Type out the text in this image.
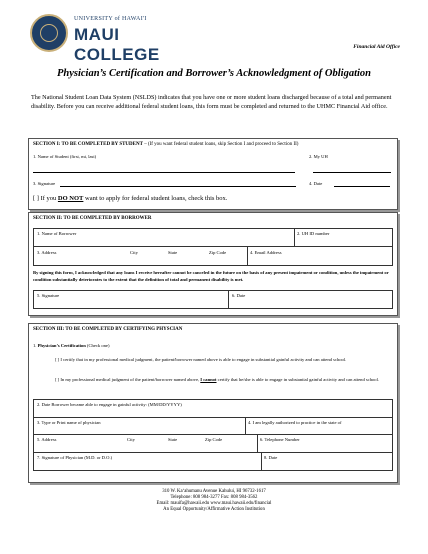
UNIVERSITY of HAWAI'I
MAUI COLLEGE	Financial Aid Office
Physician’s Certification and Borrower’s Acknowledgment of Obligation
The National Student Loan Data System (NSLDS) indicates that you have one or more student loans discharged because of a total and permanent disability. Before you can receive additional federal student loans, this form must be completed and returned to the UHMC Financial Aid office.
SECTION I: TO BE COMPLETED BY STUDENT – (If you want federal student loans, skip Section I and proceed to Section II)
1. Name of Student (first, mi, last)	2. My UH
3. Signature	4. Date
[ ] If you DO NOT want to apply for federal student loans, check this box.
SECTION II: TO BE COMPLETED BY BORROWER
1. Name of Borrower	2. UH ID number
3. Address	City	State	Zip Code	4. Email Address
By signing this form, I acknowledged that any loans I receive hereafter cannot be canceled in the future on the basis of any present impairment or condition, unless the impairment or condition substantially deteriorates to the extent that the definition of total and permanent disability is met.
5. Signature	6. Date
SECTION III: TO BE COMPLETED BY CERTIFYING PHYSCIAN
1. Physician’s Certification (Check one)
[ ] I certify that in my professional medical judgment, the patient/borrower named above is able to engage in substantial gainful activity and can attend school.
[ ] In my professional medical judgment of the patient/borrower named above, I cannot certify that he/she is able to engage in substantial gainful activity and can attend school.
2. Date Borrower became able to engage in gainful activity: (MM/DD/YYYY)
3. Type or Print name of physician	4. I am legally authorized to practice in the state of
5. Address	City	State	Zip Code	6. Telephone Number
7. Signature of Physician (M.D. or D.O.)	8. Date
310 W. Ka‘ahumanu Avenue Kahului, HI 96732-1617
Telephone: 808 984-3277 Fax: 808 984-3562
Email: mauifa@hawaii.edu www.maui.hawaii.edu/financial
An Equal Opportunity/Affirmative Action Institution
